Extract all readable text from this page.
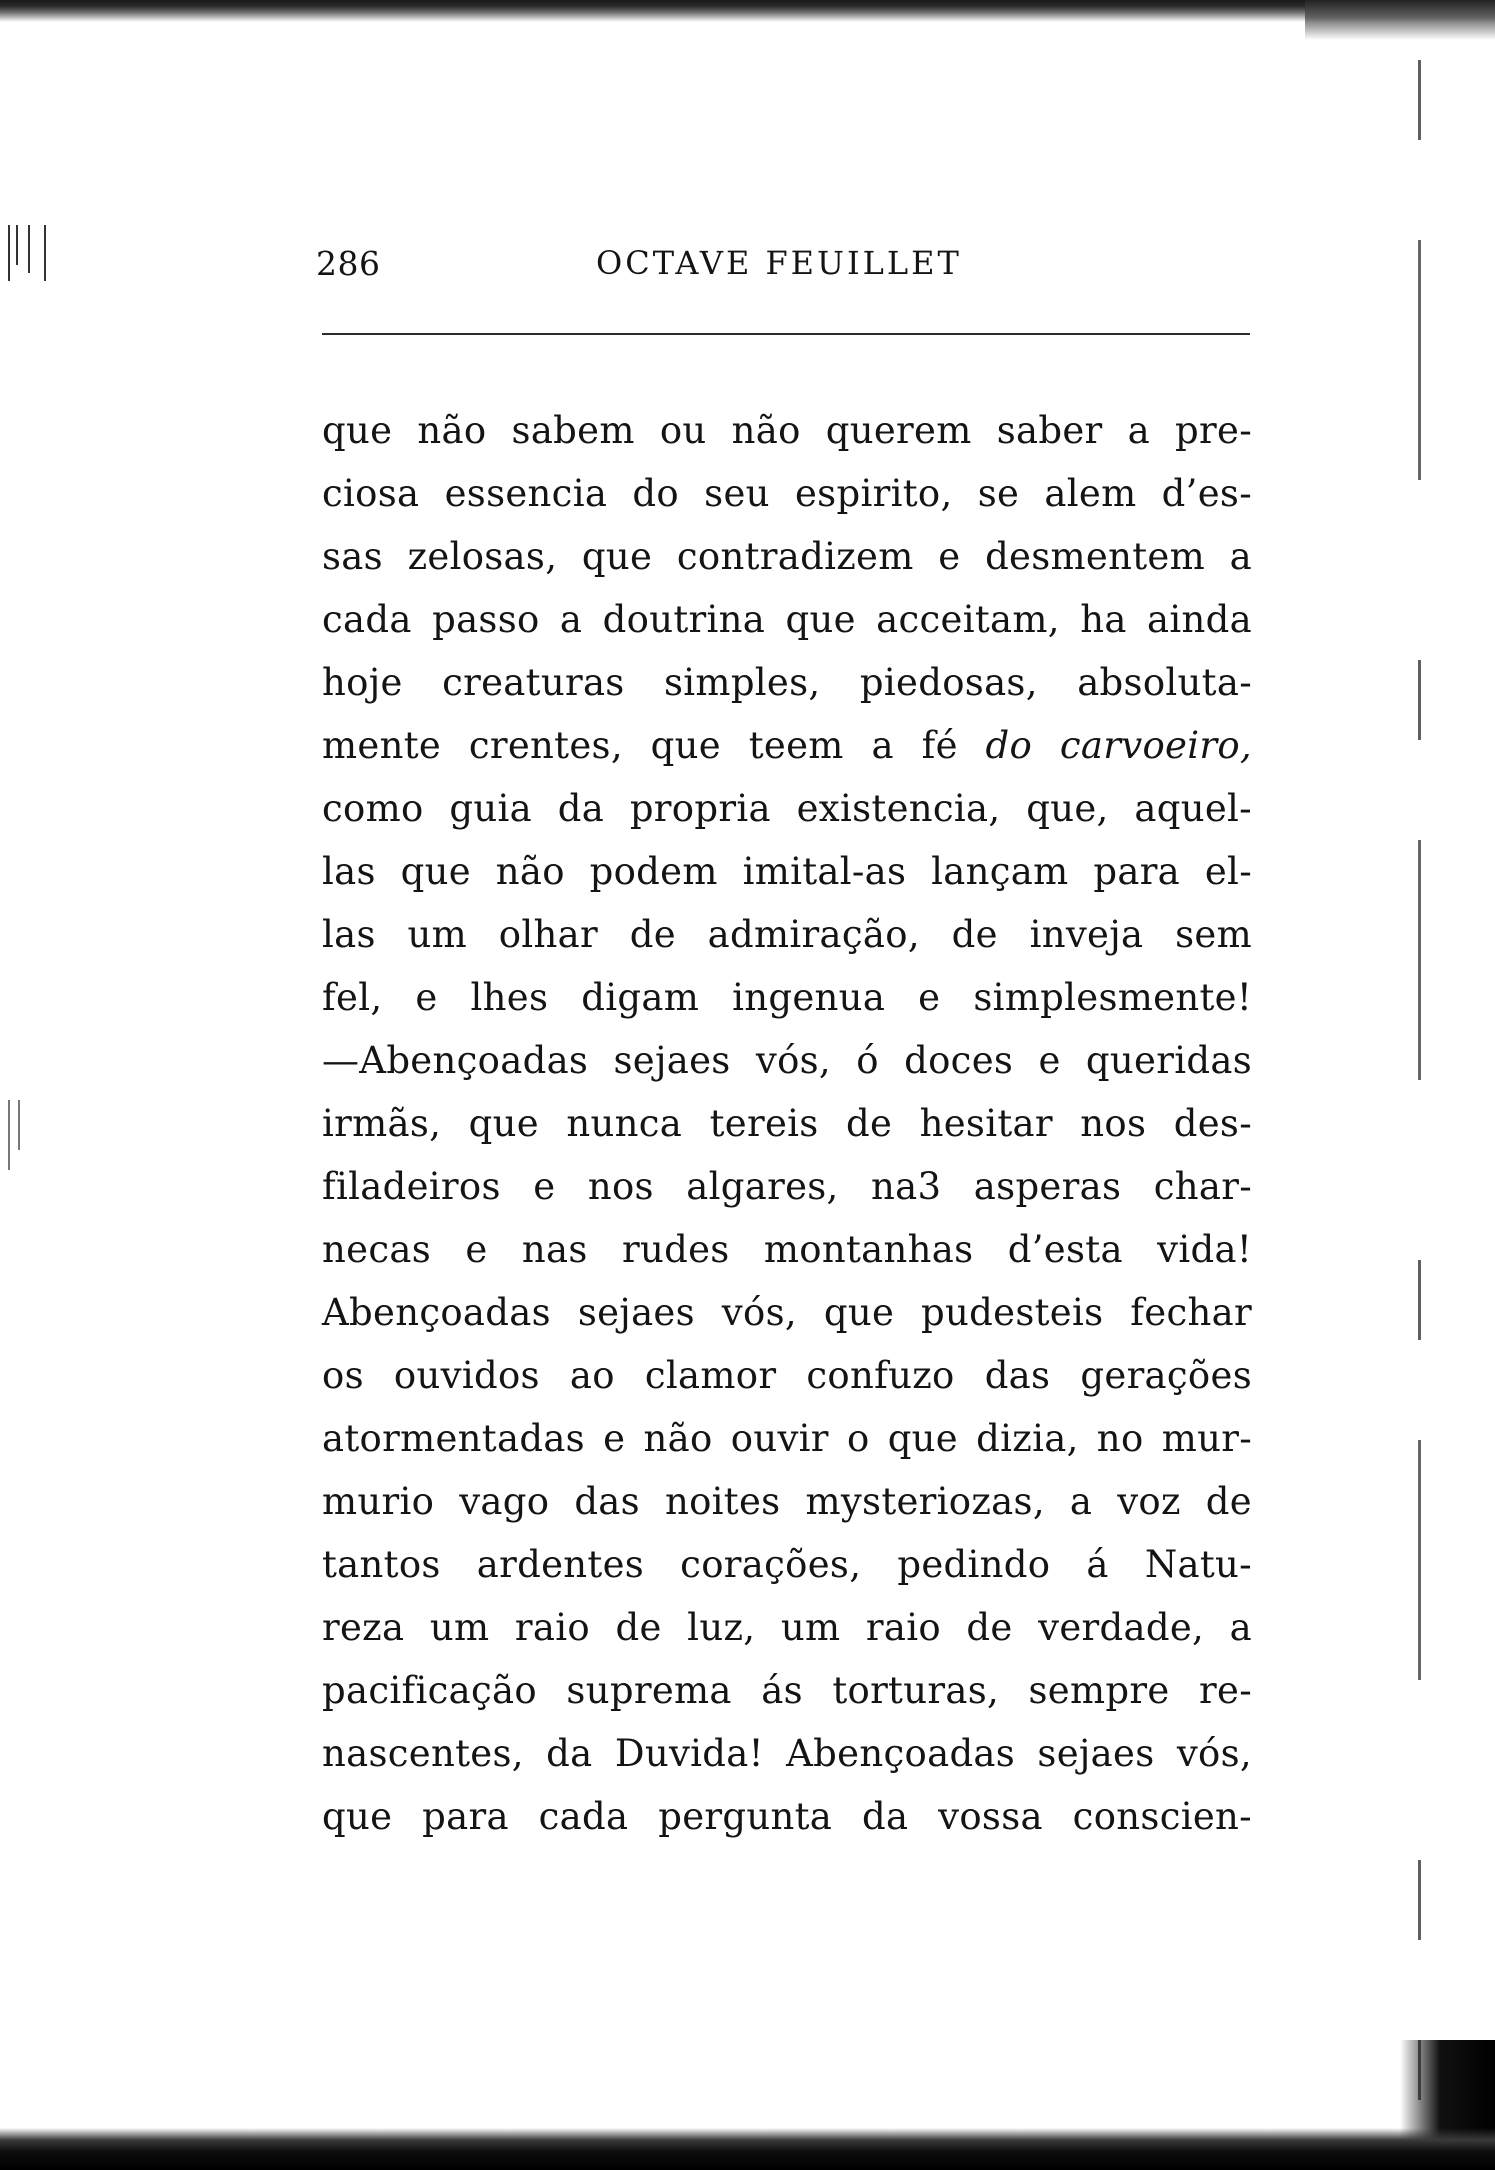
286	OCTAVE FEUILLET
que não sabem ou não querem saber a pre-
ciosa essencia do seu espirito, se alem d’es-
sas zelosas, que contradizem e desmentem a
cada passo a doutrina que acceitam, ha ainda
hoje creaturas simples, piedosas, absoluta-
mente crentes, que teem a fé do carvoeiro,
como guia da propria existencia, que, aquel-
las que não podem imital-as lançam para el-
las um olhar de admiração, de inveja sem
fel, e lhes digam ingenua e simplesmente!
—Abençoadas sejaes vós, ó doces e queridas
irmãs, que nunca tereis de hesitar nos des-
filadeiros e nos algares, na3 asperas char-
necas e nas rudes montanhas d’esta vida!
Abençoadas sejaes vós, que pudesteis fechar
os ouvidos ao clamor confuzo das gerações
atormentadas e não ouvir o que dizia, no mur-
murio vago das noites mysteriozas, a voz de
tantos ardentes corações, pedindo á Natu-
reza um raio de luz, um raio de verdade, a
pacificação suprema ás torturas, sempre re-
nascentes, da Duvida! Abençoadas sejaes vós,
que para cada pergunta da vossa conscien-
